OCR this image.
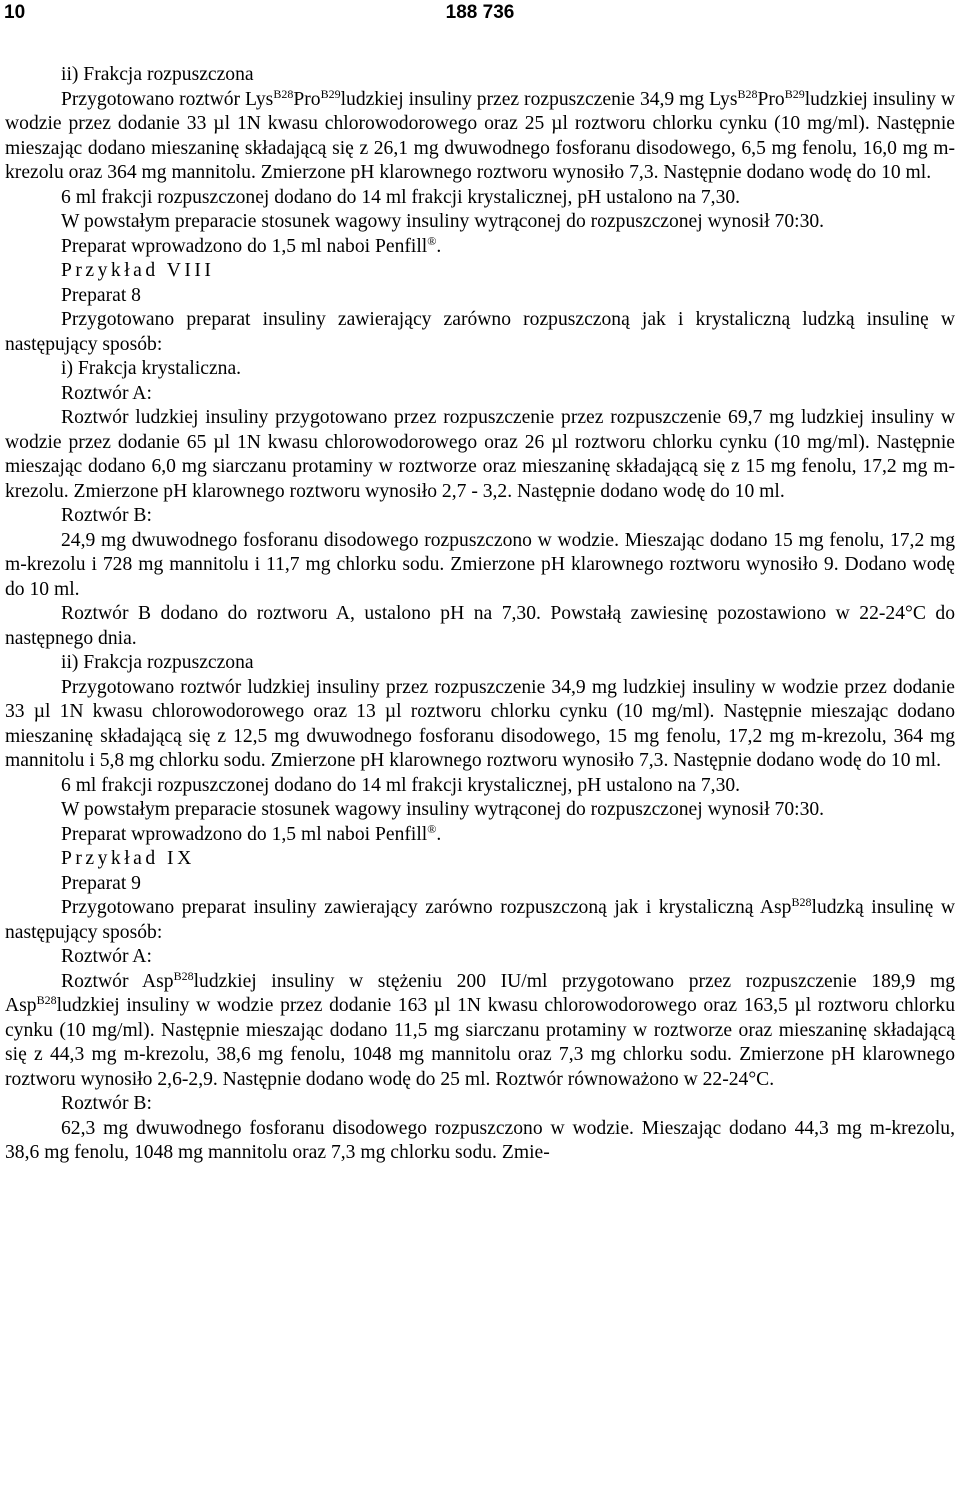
10	188 736

ii) Frakcja rozpuszczona

Przygotowano roztwór Lys$^{B28}$Pro$^{B29}$ludzkiej insuliny przez rozpuszczenie 34,9 mg Lys$^{B28}$Pro$^{B29}$ludzkiej insuliny w wodzie przez dodanie 33 µl 1N kwasu chlorowodorowego oraz 25 µl roztworu chlorku cynku (10 mg/ml). Następnie mieszając dodano mieszaninę składającą się z 26,1 mg dwuwodnego fosforanu disodowego, 6,5 mg fenolu, 16,0 mg m-krezolu oraz 364 mg mannitolu. Zmierzone pH klarownego roztworu wynosiło 7,3. Następnie dodano wodę do 10 ml.

6 ml frakcji rozpuszczonej dodano do 14 ml frakcji krystalicznej, pH ustalono na 7,30.

W powstałym preparacie stosunek wagowy insuliny wytrąconej do rozpuszczonej wynosił 70:30.

Preparat wprowadzono do 1,5 ml naboi Penfill®.

Przykład VIII

Preparat 8

Przygotowano preparat insuliny zawierający zarówno rozpuszczoną jak i krystaliczną ludzką insulinę w następujący sposób:

i) Frakcja krystaliczna.

Roztwór A:

Roztwór ludzkiej insuliny przygotowano przez rozpuszczenie przez rozpuszczenie 69,7 mg ludzkiej insuliny w wodzie przez dodanie 65 µl 1N kwasu chlorowodorowego oraz 26 µl roztworu chlorku cynku (10 mg/ml). Następnie mieszając dodano 6,0 mg siarczanu protaminy w roztworze oraz mieszaninę składającą się z 15 mg fenolu, 17,2 mg m-krezolu. Zmierzone pH klarownego roztworu wynosiło 2,7 - 3,2. Następnie dodano wodę do 10 ml.

Roztwór B:

24,9 mg dwuwodnego fosforanu disodowego rozpuszczono w wodzie. Mieszając dodano 15 mg fenolu, 17,2 mg m-krezolu i 728 mg mannitolu i 11,7 mg chlorku sodu. Zmierzone pH klarownego roztworu wynosiło 9. Dodano wodę do 10 ml.

Roztwór B dodano do roztworu A, ustalono pH na 7,30. Powstałą zawiesinę pozostawiono w 22-24°C do następnego dnia.

ii) Frakcja rozpuszczona

Przygotowano roztwór ludzkiej insuliny przez rozpuszczenie 34,9 mg ludzkiej insuliny w wodzie przez dodanie 33 µl 1N kwasu chlorowodorowego oraz 13 µl roztworu chlorku cynku (10 mg/ml). Następnie mieszając dodano mieszaninę składającą się z 12,5 mg dwuwodnego fosforanu disodowego, 15 mg fenolu, 17,2 mg m-krezolu, 364 mg mannitolu i 5,8 mg chlorku sodu. Zmierzone pH klarownego roztworu wynosiło 7,3. Następnie dodano wodę do 10 ml.

6 ml frakcji rozpuszczonej dodano do 14 ml frakcji krystalicznej, pH ustalono na 7,30.

W powstałym preparacie stosunek wagowy insuliny wytrąconej do rozpuszczonej wynosił 70:30.

Preparat wprowadzono do 1,5 ml naboi Penfill®.

Przykład IX

Preparat 9

Przygotowano preparat insuliny zawierający zarówno rozpuszczoną jak i krystaliczną Asp$^{B28}$ludzką insulinę w następujący sposób:

Roztwór A:

Roztwór Asp$^{B28}$ludzkiej insuliny w stężeniu 200 IU/ml przygotowano przez rozpuszczenie 189,9 mg Asp$^{B28}$ludzkiej insuliny w wodzie przez dodanie 163 µl 1N kwasu chlorowodorowego oraz 163,5 µl roztworu chlorku cynku (10 mg/ml). Następnie mieszając dodano 11,5 mg siarczanu protaminy w roztworze oraz mieszaninę składającą się z 44,3 mg m-krezolu, 38,6 mg fenolu, 1048 mg mannitolu oraz 7,3 mg chlorku sodu. Zmierzone pH klarownego roztworu wynosiło 2,6-2,9. Następnie dodano wodę do 25 ml. Roztwór równoważono w 22-24°C.

Roztwór B:

62,3 mg dwuwodnego fosforanu disodowego rozpuszczono w wodzie. Mieszając dodano 44,3 mg m-krezolu, 38,6 mg fenolu, 1048 mg mannitolu oraz 7,3 mg chlorku sodu. Zmie-
